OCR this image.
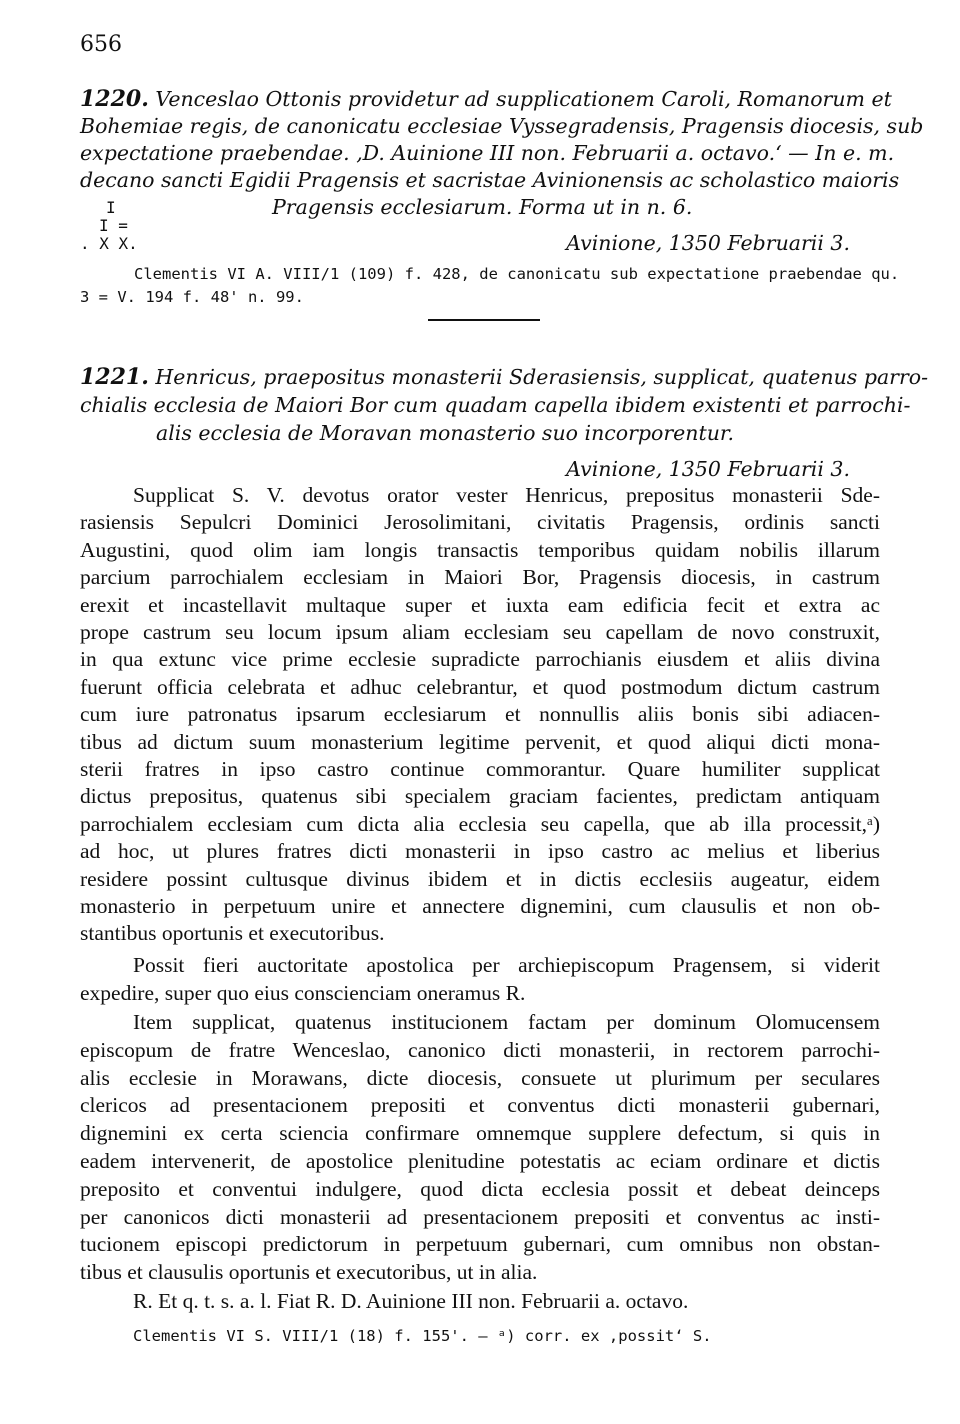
656
1220. Venceslao Ottonis providetur ad supplicationem Caroli, Romanorum et
Bohemiae regis, de canonicatu ecclesiae Vyssegradensis, Pragensis diocesis, sub
expectatione praebendae. ‚D. Auinione III non. Februarii a. octavo.‘ — In e. m.
decano sancti Egidii Pragensis et sacristae Avinionensis ac scholastico maioris
Pragensis ecclesiarum. Forma ut in n. 6.
I
I =
. X X.	Avinione, 1350 Februarii 3.
Clementis VI A. VIII/1 (109) f. 428, de canonicatu sub expectatione praebendae qu.
3 = V. 194 f. 48' n. 99.
1221. Henricus, praepositus monasterii Sderasiensis, supplicat, quatenus parro-
chialis ecclesia de Maiori Bor cum quadam capella ibidem existenti et parrochi-
alis ecclesia de Moravan monasterio suo incorporentur.
Avinione, 1350 Februarii 3.
Supplicat S. V. devotus orator vester Henricus, prepositus monasterii Sde-
rasiensis Sepulcri Dominici Jerosolimitani, civitatis Pragensis, ordinis sancti
Augustini, quod olim iam longis transactis temporibus quidam nobilis illarum
parcium parrochialem ecclesiam in Maiori Bor, Pragensis diocesis, in castrum
erexit et incastellavit multaque super et iuxta eam edificia fecit et extra ac
prope castrum seu locum ipsum aliam ecclesiam seu capellam de novo construxit,
in qua extunc vice prime ecclesie supradicte parrochianis eiusdem et aliis divina
fuerunt officia celebrata et adhuc celebrantur, et quod postmodum dictum castrum
cum iure patronatus ipsarum ecclesiarum et nonnullis aliis bonis sibi adiacen-
tibus ad dictum suum monasterium legitime pervenit, et quod aliqui dicti mona-
sterii fratres in ipso castro continue commorantur. Quare humiliter supplicat
dictus prepositus, quatenus sibi specialem graciam facientes, predictam antiquam
parrochialem ecclesiam cum dicta alia ecclesia seu capella, que ab illa processit,ᵃ)
ad hoc, ut plures fratres dicti monasterii in ipso castro ac melius et liberius
residere possint cultusque divinus ibidem et in dictis ecclesiis augeatur, eidem
monasterio in perpetuum unire et annectere dignemini, cum clausulis et non ob-
stantibus oportunis et executoribus.
Possit fieri auctoritate apostolica per archiepiscopum Pragensem, si viderit
expedire, super quo eius conscienciam oneramus R.
Item supplicat, quatenus institucionem factam per dominum Olomucensem
episcopum de fratre Wenceslao, canonico dicti monasterii, in rectorem parrochi-
alis ecclesie in Morawans, dicte diocesis, consuete ut plurimum per seculares
clericos ad presentacionem prepositi et conventus dicti monasterii gubernari,
dignemini ex certa sciencia confirmare omnemque supplere defectum, si quis in
eadem intervenerit, de apostolice plenitudine potestatis ac eciam ordinare et dictis
preposito et conventui indulgere, quod dicta ecclesia possit et debeat deinceps
per canonicos dicti monasterii ad presentacionem prepositi et conventus ac insti-
tucionem episcopi predictorum in perpetuum gubernari, cum omnibus non obstan-
tibus et clausulis oportunis et executoribus, ut in alia.
R. Et q. t. s. a. l. Fiat R. D. Auinione III non. Februarii a. octavo.
Clementis VI S. VIII/1 (18) f. 155'. — ᵃ) corr. ex ‚possit‘ S.
